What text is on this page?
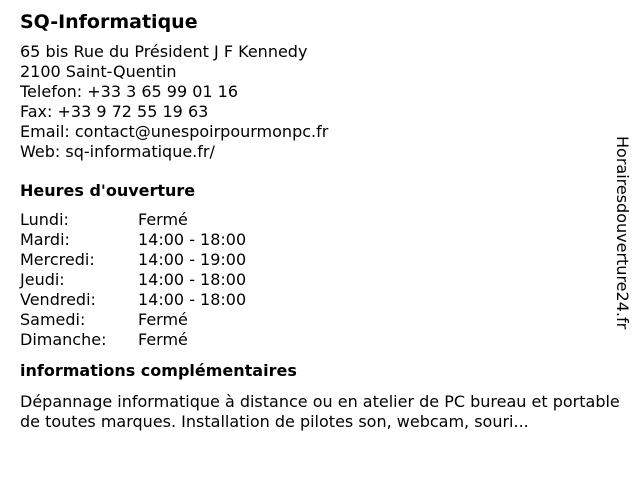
SQ-Informatique
65 bis Rue du Président J F Kennedy
2100 Saint-Quentin
Telefon: +33 3 65 99 01 16
Fax: +33 9 72 55 19 63
Email: contact@unespoirpourmonpc.fr
Web: sq-informatique.fr/
Heures d'ouverture
Lundi:	Fermé
Mardi:	14:00 - 18:00
Mercredi:	14:00 - 19:00
Jeudi:	14:00 - 18:00
Vendredi:	14:00 - 18:00
Samedi:	Fermé
Dimanche:	Fermé
informations complémentaires
Dépannage informatique à distance ou en atelier de PC bureau et portable de toutes marques. Installation de pilotes son, webcam, souri...
Horairesdouverture24.fr
